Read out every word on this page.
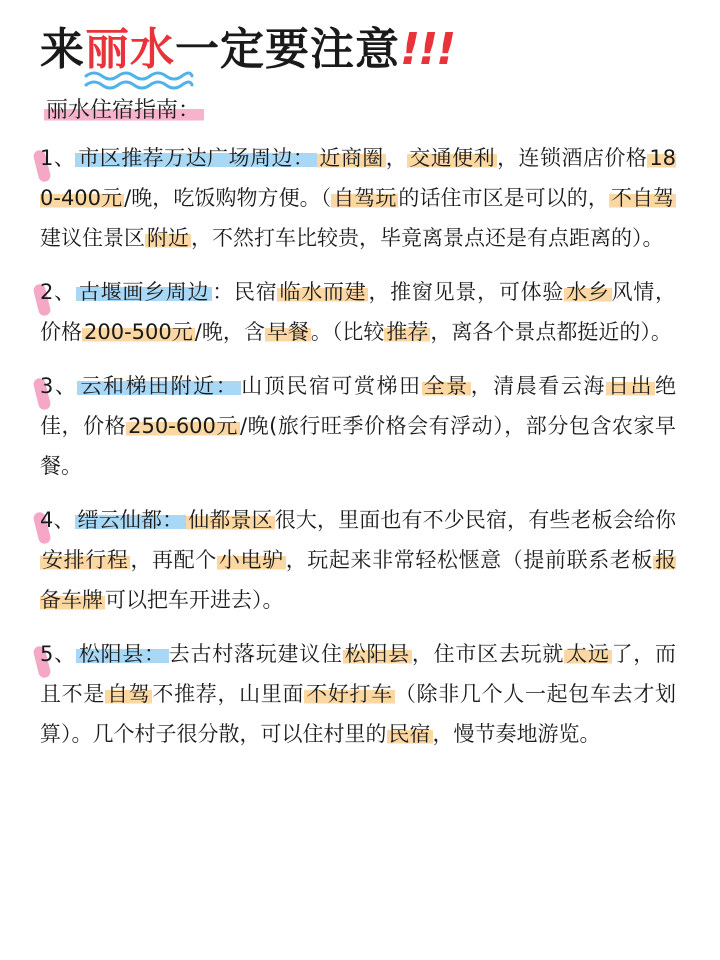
来丽水一定要注意!!!
丽水住宿指南：

1、 市区推荐万达广场周边： 近商圈，交通便利，连锁酒店价格180-400元/晚，吃饭购物方便。（自驾玩的话住市区是可以的，不自驾建议住景区附近，不然打车比较贵，毕竟离景点还是有点距离的）。

2、 古堰画乡周边 ：民宿临水而建，推窗见景，可体验水乡风情，价格200-500元/晚，含早餐。（比较推荐，离各个景点都挺近的）。

3、 云和梯田附近： 山顶民宿可赏梯田全景，清晨看云海日出绝佳，价格250-600元/晚(旅行旺季价格会有浮动），部分包含农家早餐。

4、 缙云仙都： 仙都景区很大，里面也有不少民宿，有些老板会给你安排行程，再配个小电驴，玩起来非常轻松惬意（提前联系老板报备车牌可以把车开进去）。

5、 松阳县： 去古村落玩建议住松阳县，住市区去玩就太远了，而且不是自驾不推荐，山里面不好打车（除非几个人一起包车去才划算）。几个村子很分散，可以住村里的民宿，慢节奏地游览。
